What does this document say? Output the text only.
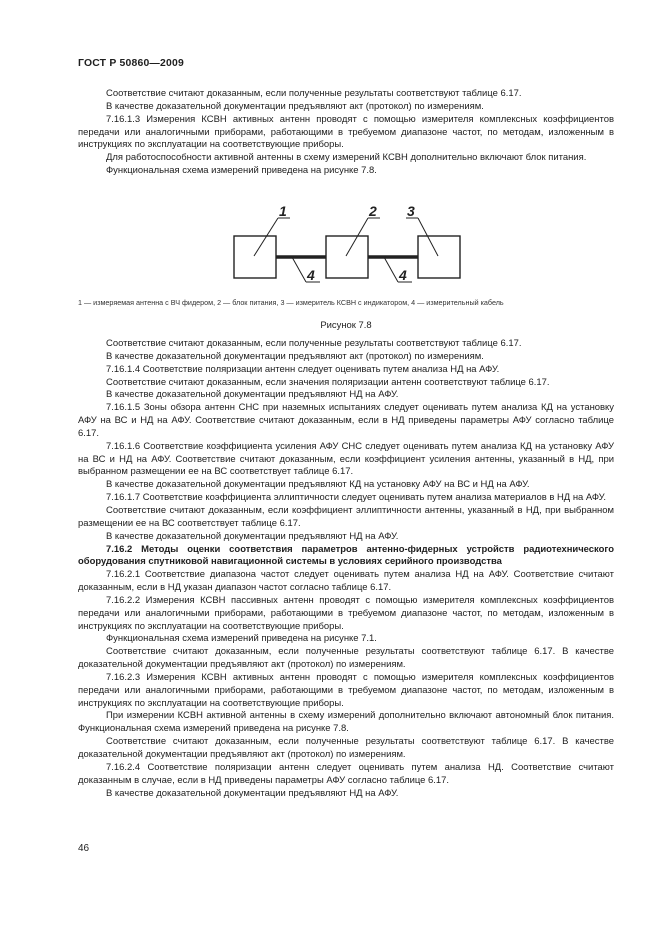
ГОСТ Р 50860—2009

Соответствие считают доказанным, если полученные результаты соответствуют таблице 6.17.

В качестве доказательной документации предъявляют акт (протокол) по измерениям.

7.16.1.3 Измерения КСВН активных антенн проводят с помощью измерителя комплексных коэффициентов передачи или аналогичными приборами, работающими в требуемом диапазоне частот, по методам, изложенным в инструкциях по эксплуатации на соответствующие приборы.

Для работоспособности активной антенны в схему измерений КСВН дополнительно включают блок питания.

Функциональная схема измерений приведена на рисунке 7.8.

1	2 3
4	4
1 — измеряемая антенна с ВЧ фидером, 2 — блок питания, 3 — измеритель КСВН с индикатором, 4 — измерительный кабель
Рисунок 7.8

Соответствие считают доказанным, если полученные результаты соответствуют таблице 6.17.

В качестве доказательной документации предъявляют акт (протокол) по измерениям.

7.16.1.4 Соответствие поляризации антенн следует оценивать путем анализа НД на АФУ.

Соответствие считают доказанным, если значения поляризации антенн соответствуют таблице 6.17.

В качестве доказательной документации предъявляют НД на АФУ.

7.16.1.5 Зоны обзора антенн СНС при наземных испытаниях следует оценивать путем анализа КД на установку АФУ на ВС и НД на АФУ. Соответствие считают доказанным, если в НД приведены параметры АФУ согласно таблице 6.17.

7.16.1.6 Соответствие коэффициента усиления АФУ СНС следует оценивать путем анализа КД на установку АФУ на ВС и НД на АФУ. Соответствие считают доказанным, если коэффициент усиления антенны, указанный в НД, при выбранном размещении ее на ВС соответствует таблице 6.17.

В качестве доказательной документации предъявляют КД на установку АФУ на ВС и НД на АФУ.

7.16.1.7 Соответствие коэффициента эллиптичности следует оценивать путем анализа материалов в НД на АФУ.

Соответствие считают доказанным, если коэффициент эллиптичности антенны, указанный в НД, при выбранном размещении ее на ВС соответствует таблице 6.17.

В качестве доказательной документации предъявляют НД на АФУ.

7.16.2 Методы оценки соответствия параметров антенно-фидерных устройств радиотехнического оборудования спутниковой навигационной системы в условиях серийного производства

7.16.2.1 Соответствие диапазона частот следует оценивать путем анализа НД на АФУ. Соответствие считают доказанным, если в НД указан диапазон частот согласно таблице 6.17.

7.16.2.2 Измерения КСВН пассивных антенн проводят с помощью измерителя комплексных коэффициентов передачи или аналогичными приборами, работающими в требуемом диапазоне частот, по методам, изложенным в инструкциях по эксплуатации на соответствующие приборы.

Функциональная схема измерений приведена на рисунке 7.1.

Соответствие считают доказанным, если полученные результаты соответствуют таблице 6.17. В качестве доказательной документации предъявляют акт (протокол) по измерениям.

7.16.2.3 Измерения КСВН активных антенн проводят с помощью измерителя комплексных коэффициентов передачи или аналогичными приборами, работающими в требуемом диапазоне частот, по методам, изложенным в инструкциях по эксплуатации на соответствующие приборы.

При измерении КСВН активной антенны в схему измерений дополнительно включают автономный блок питания. Функциональная схема измерений приведена на рисунке 7.8.

Соответствие считают доказанным, если полученные результаты соответствуют таблице 6.17. В качестве доказательной документации предъявляют акт (протокол) по измерениям.

7.16.2.4 Соответствие поляризации антенн следует оценивать путем анализа НД. Соответствие считают доказанным в случае, если в НД приведены параметры АФУ согласно таблице 6.17.

В качестве доказательной документации предъявляют НД на АФУ.

46
